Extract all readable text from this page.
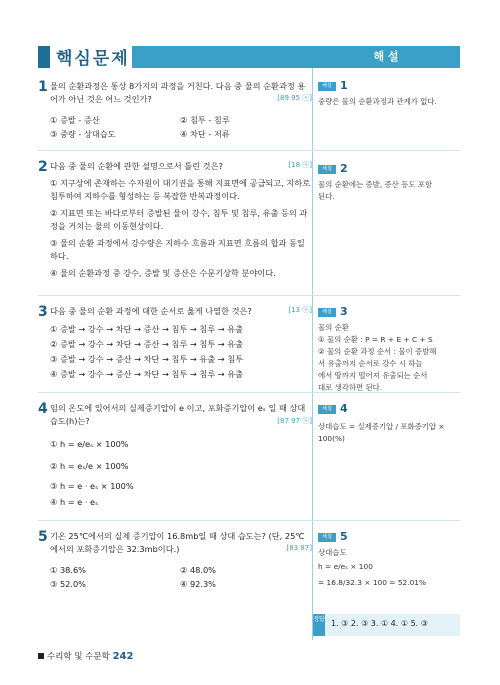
핵심문제	해 설
1 물의 순환과정은 통상 8가지의 과정을 거친다. 다음 중 물의 순환과정 용어가 아닌 것은 어느 것인가?	[89 95 ⓢ]
① 증발 - 증산	② 침투 - 침루
③ 중량 - 상대습도	④ 차단 - 저류
2 다음 중 물의 순환에 관한 설명으로서 틀린 것은?	[18 ⓢ]
① 지구상에 존재하는 수자원이 대기권을 통해 지표면에 공급되고, 지하로 침투하여 지하수를 형성하는 등 복잡한 반복과정이다.
② 지표면 또는 바다로부터 증발된 물이 강수, 침투 및 침루, 유출 등의 과정을 거치는 물의 이동현상이다.
③ 물의 순환 과정에서 강수량은 지하수 흐름과 지표면 흐름의 합과 동일하다.
④ 물의 순환과정 중 강수, 증발 및 증산은 수문기상학 분야이다.
3 다음 중 물의 순환 과정에 대한 순서로 옳게 나열한 것은?	[13 ⓢ]
① 증발 → 강수 → 차단 → 증산 → 침투 → 침루 → 유출
② 증발 → 강수 → 차단 → 증산 → 침루 → 침투 → 유출
③ 증발 → 강수 → 증산 → 차단 → 침투 → 유출 → 침투
④ 증발 → 강수 → 증산 → 차단 → 침투 → 침루 → 유출
4 임의 온도에 있어서의 실제증기압이 e 이고, 포화증기압이 eₛ 일 때 상대 습도(h)는?	[87 97 ⓢ]
① h = e/eₛ × 100%
② h = eₛ/e × 100%
③ h = e · eₛ × 100%
④ h = e · eₛ
5 기온 25℃에서의 실제 증기압이 16.8mb일 때 상대 습도는? (단, 25℃에서의 포화증기압은 32.3mb이다.)	[83 87]
① 38.6%	② 48.0%
③ 52.0%	④ 92.3%
해설 1
중량은 물의 순환과정과 관계가 없다.
해설 2
물의 순환에는 증발, 증산 등도 포함
된다.
해설 3
물의 순환
① 물의 순환 : P = R + E + C + S
② 물의 순환 과정 순서 : 물이 증발해
서 유출까지 순서로 강수 시 하늘
에서 땅까지 떨어져 유출되는 순서
대로 생각하면 된다.
해설 4
상대습도 = 실제증기압 / 포화증기압 × 100(%)
해설 5
상대습도
h = e/eₛ × 100
= 16.8/32.3 × 100 = 52.01%
정답 1. ③ 2. ③ 3. ① 4. ① 5. ③
수리학 및 수문학 242
